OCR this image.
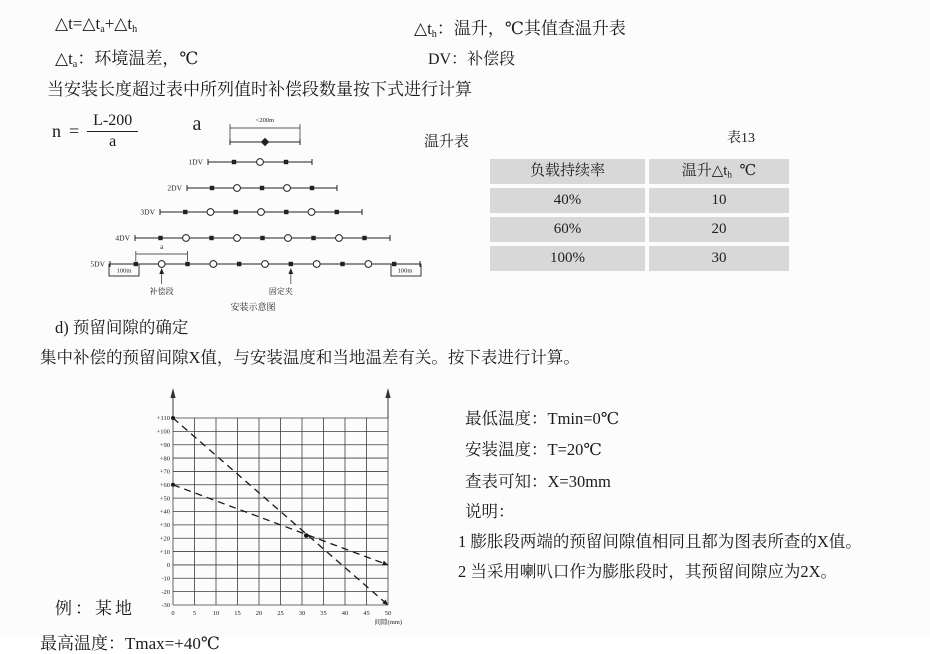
$\triangle t=\triangle t_a+\triangle t_h$	$\triangle t_h$：温升，℃其值查温升表
$\triangle t_a$：环境温差，℃	DV：补偿段
当安装长度超过表中所列值时补偿段数量按下式进行计算
a	<200m
1DV
2DV
3DV
4DV
5DV
a
100m	100m
补偿段	固定夹
安装示意图
$n = \frac{L-200}{a}$	温升表	表13
负载持续率	温升$\triangle t_h$ ℃
40%	10
60%	20
100%	30
d) 预留间隙的确定
集中补偿的预留间隙X值，与安装温度和当地温差有关。按下表进行计算。
0	5	10 15 20 25 30 35 40 45 50
+110
+100
+90
+80
+70
+60
+50
+40
+30
+20
+10
0
-10
-20
-30
间隙(mm)
最低温度：Tmin=0℃
安装温度：T=20℃
查表可知：X=30mm
说明：
1 膨胀段两端的预留间隙值相同且都为图表所查的X值。
2 当采用喇叭口作为膨胀段时，其预留间隙应为2X。
例：某地
最高温度：Tmax=+40℃
